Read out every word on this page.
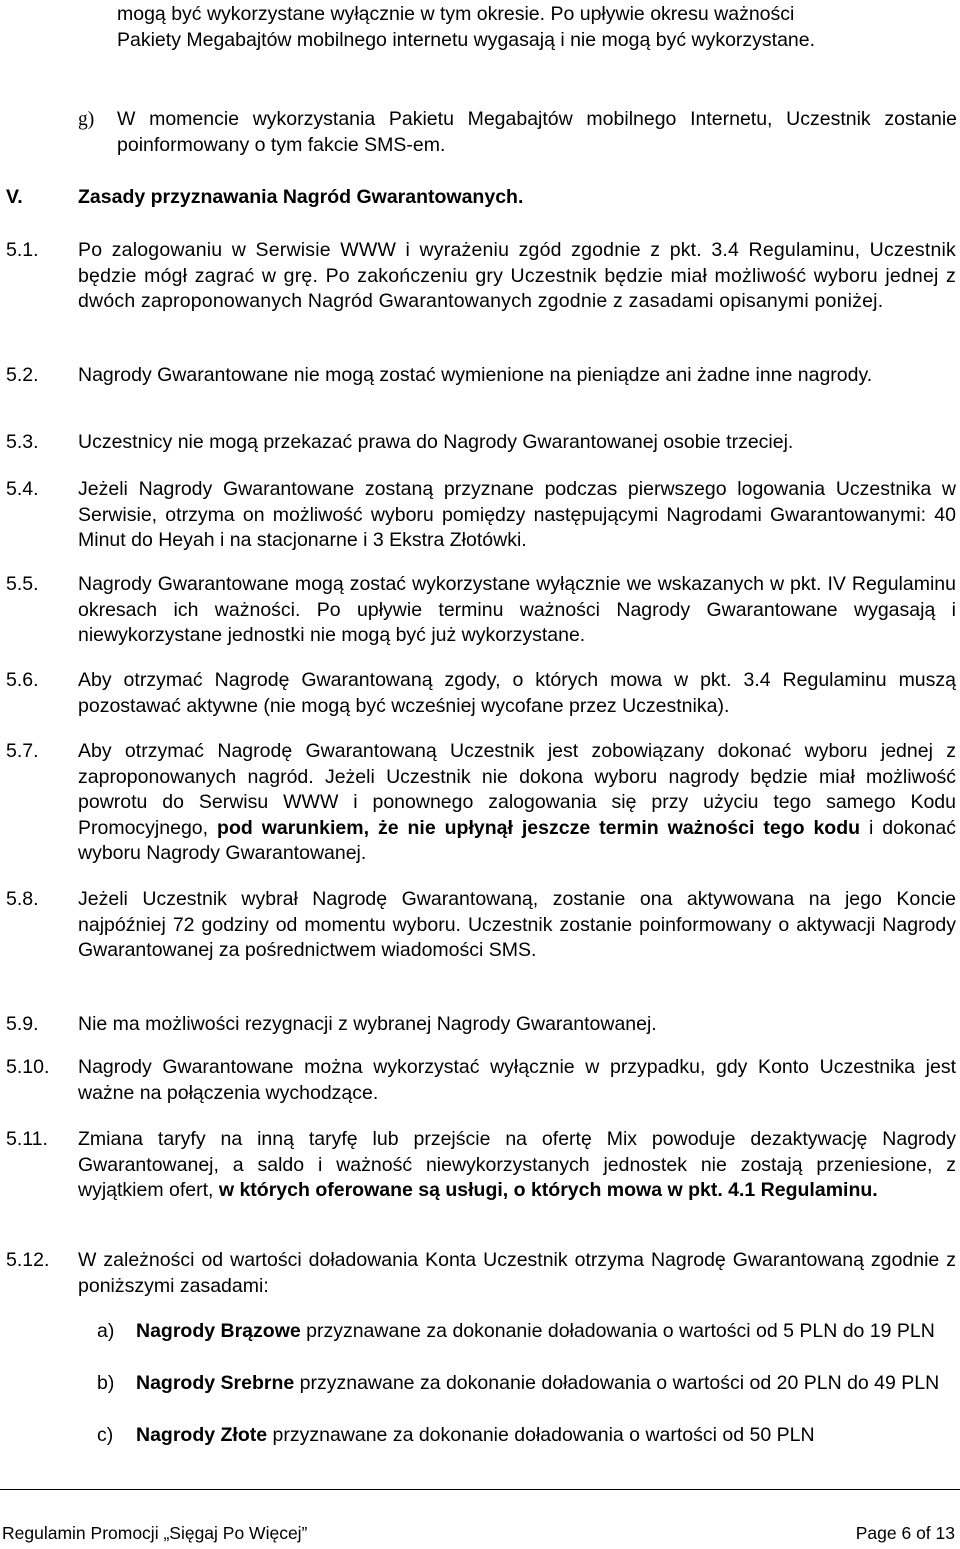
mogą być wykorzystane wyłącznie w tym okresie. Po upływie okresu ważności
Pakiety Megabajtów mobilnego internetu wygasają i nie mogą być wykorzystane.
g) W momencie wykorzystania Pakietu Megabajtów mobilnego Internetu, Uczestnik zostanie poinformowany o tym fakcie SMS-em.
V.	Zasady przyznawania Nagród Gwarantowanych.
5.1. Po zalogowaniu w Serwisie WWW i wyrażeniu zgód zgodnie z pkt. 3.4 Regulaminu, Uczestnik będzie mógł zagrać w grę. Po zakończeniu gry Uczestnik będzie miał możliwość wyboru jednej z dwóch zaproponowanych Nagród Gwarantowanych zgodnie z zasadami opisanymi poniżej.
5.2. Nagrody Gwarantowane nie mogą zostać wymienione na pieniądze ani żadne inne nagrody.
5.3. Uczestnicy nie mogą przekazać prawa do Nagrody Gwarantowanej osobie trzeciej.
5.4. Jeżeli Nagrody Gwarantowane zostaną przyznane podczas pierwszego logowania Uczestnika w Serwisie, otrzyma on możliwość wyboru pomiędzy następującymi Nagrodami Gwarantowanymi: 40 Minut do Heyah i na stacjonarne i 3 Ekstra Złotówki.
5.5. Nagrody Gwarantowane mogą zostać wykorzystane wyłącznie we wskazanych w pkt. IV Regulaminu okresach ich ważności. Po upływie terminu ważności Nagrody Gwarantowane wygasają i niewykorzystane jednostki nie mogą być już wykorzystane.
5.6. Aby otrzymać Nagrodę Gwarantowaną zgody, o których mowa w pkt. 3.4 Regulaminu muszą pozostawać aktywne (nie mogą być wcześniej wycofane przez Uczestnika).
5.7. Aby otrzymać Nagrodę Gwarantowaną Uczestnik jest zobowiązany dokonać wyboru jednej z zaproponowanych nagród. Jeżeli Uczestnik nie dokona wyboru nagrody będzie miał możliwość powrotu do Serwisu WWW i ponownego zalogowania się przy użyciu tego samego Kodu Promocyjnego, pod warunkiem, że nie upłynął jeszcze termin ważności tego kodu i dokonać wyboru Nagrody Gwarantowanej.
5.8. Jeżeli Uczestnik wybrał Nagrodę Gwarantowaną, zostanie ona aktywowana na jego Koncie najpóźniej 72 godziny od momentu wyboru. Uczestnik zostanie poinformowany o aktywacji Nagrody Gwarantowanej za pośrednictwem wiadomości SMS.
5.9. Nie ma możliwości rezygnacji z wybranej Nagrody Gwarantowanej.
5.10. Nagrody Gwarantowane można wykorzystać wyłącznie w przypadku, gdy Konto Uczestnika jest ważne na połączenia wychodzące.
5.11. Zmiana taryfy na inną taryfę lub przejście na ofertę Mix powoduje dezaktywację Nagrody Gwarantowanej, a saldo i ważność niewykorzystanych jednostek nie zostają przeniesione, z wyjątkiem ofert, w których oferowane są usługi, o których mowa w pkt. 4.1 Regulaminu.
5.12. W zależności od wartości doładowania Konta Uczestnik otrzyma Nagrodę Gwarantowaną zgodnie z poniższymi zasadami:
a) Nagrody Brązowe przyznawane za dokonanie doładowania o wartości od 5 PLN do 19 PLN
b) Nagrody Srebrne przyznawane za dokonanie doładowania o wartości od 20 PLN do 49 PLN
c) Nagrody Złote przyznawane za dokonanie doładowania o wartości od 50 PLN
Regulamin Promocji „Sięgaj Po Więcej”	Page 6 of 13
